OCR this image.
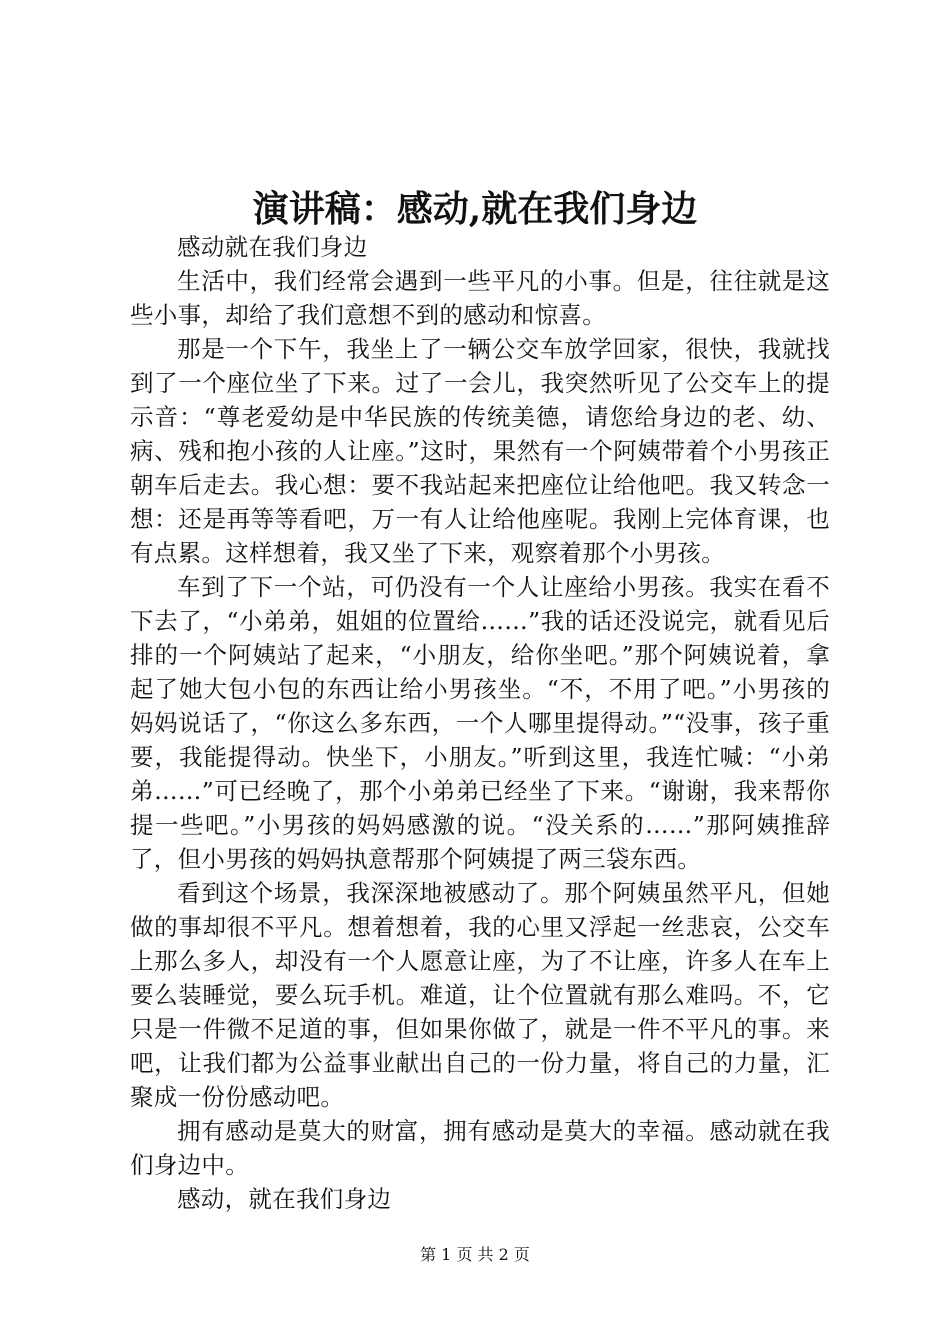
演讲稿：感动,就在我们身边

感动就在我们身边

生活中，我们经常会遇到一些平凡的小事。但是，往往就是这些小事，却给了我们意想不到的感动和惊喜。

那是一个下午，我坐上了一辆公交车放学回家，很快，我就找到了一个座位坐了下来。过了一会儿，我突然听见了公交车上的提示音：“尊老爱幼是中华民族的传统美德，请您给身边的老、幼、病、残和抱小孩的人让座。”这时，果然有一个阿姨带着个小男孩正朝车后走去。我心想：要不我站起来把座位让给他吧。我又转念一想：还是再等等看吧，万一有人让给他座呢。我刚上完体育课，也有点累。这样想着，我又坐了下来，观察着那个小男孩。

车到了下一个站，可仍没有一个人让座给小男孩。我实在看不下去了，“小弟弟，姐姐的位置给……”我的话还没说完，就看见后排的一个阿姨站了起来，“小朋友，给你坐吧。”那个阿姨说着，拿起了她大包小包的东西让给小男孩坐。“不，不用了吧。”小男孩的妈妈说话了，“你这么多东西，一个人哪里提得动。”“没事，孩子重要，我能提得动。快坐下，小朋友。”听到这里，我连忙喊：“小弟弟……”可已经晚了，那个小弟弟已经坐了下来。“谢谢，我来帮你提一些吧。”小男孩的妈妈感激的说。“没关系的……”那阿姨推辞了，但小男孩的妈妈执意帮那个阿姨提了两三袋东西。

看到这个场景，我深深地被感动了。那个阿姨虽然平凡，但她做的事却很不平凡。想着想着，我的心里又浮起一丝悲哀，公交车上那么多人，却没有一个人愿意让座，为了不让座，许多人在车上要么装睡觉，要么玩手机。难道，让个位置就有那么难吗。不，它只是一件微不足道的事，但如果你做了，就是一件不平凡的事。来吧，让我们都为公益事业献出自己的一份力量，将自己的力量，汇聚成一份份感动吧。

拥有感动是莫大的财富，拥有感动是莫大的幸福。感动就在我们身边中。

感动，就在我们身边

第 1 页 共 2 页
